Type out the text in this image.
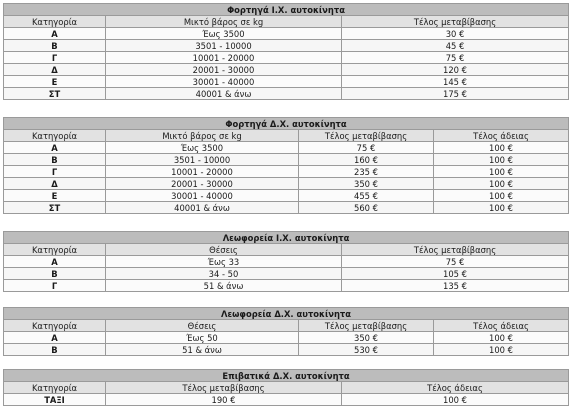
Φορτηγά Ι.Χ. αυτοκίνητα		
Κατηγορία	Μικτό βάρος σε kg	Τέλος μεταβίβασης
Α	Έως 3500	30 €
Β	3501 - 10000	45 €
Γ	10001 - 20000	75 €
Δ	20001 - 30000	120 €
Ε	30001 - 40000	145 €
ΣΤ	40001 & άνω	175 €
Φορτηγά Δ.Χ. αυτοκίνητα			
Κατηγορία	Μικτό βάρος σε kg	Τέλος μεταβίβασης	Τέλος άδειας
Α	Έως 3500	75 €	100 €
Β	3501 - 10000	160 €	100 €
Γ	10001 - 20000	235 €	100 €
Δ	20001 - 30000	350 €	100 €
Ε	30001 - 40000	455 €	100 €
ΣΤ	40001 & άνω	560 €	100 €
Λεωφορεία Ι.Χ. αυτοκίνητα		
Κατηγορία	Θέσεις	Τέλος μεταβίβασης
Α	Έως 33	75 €
Β	34 - 50	105 €
Γ	51 & άνω	135 €
Λεωφορεία Δ.Χ. αυτοκίνητα			
Κατηγορία	Θέσεις	Τέλος μεταβίβασης	Τέλος άδειας
Α	Έως 50	350 €	100 €
Β	51 & άνω	530 €	100 €
Επιβατικά Δ.Χ. αυτοκίνητα		
Κατηγορία	Τέλος μεταβίβασης	Τέλος άδειας
ΤΑΞΙ	190 €	100 €
